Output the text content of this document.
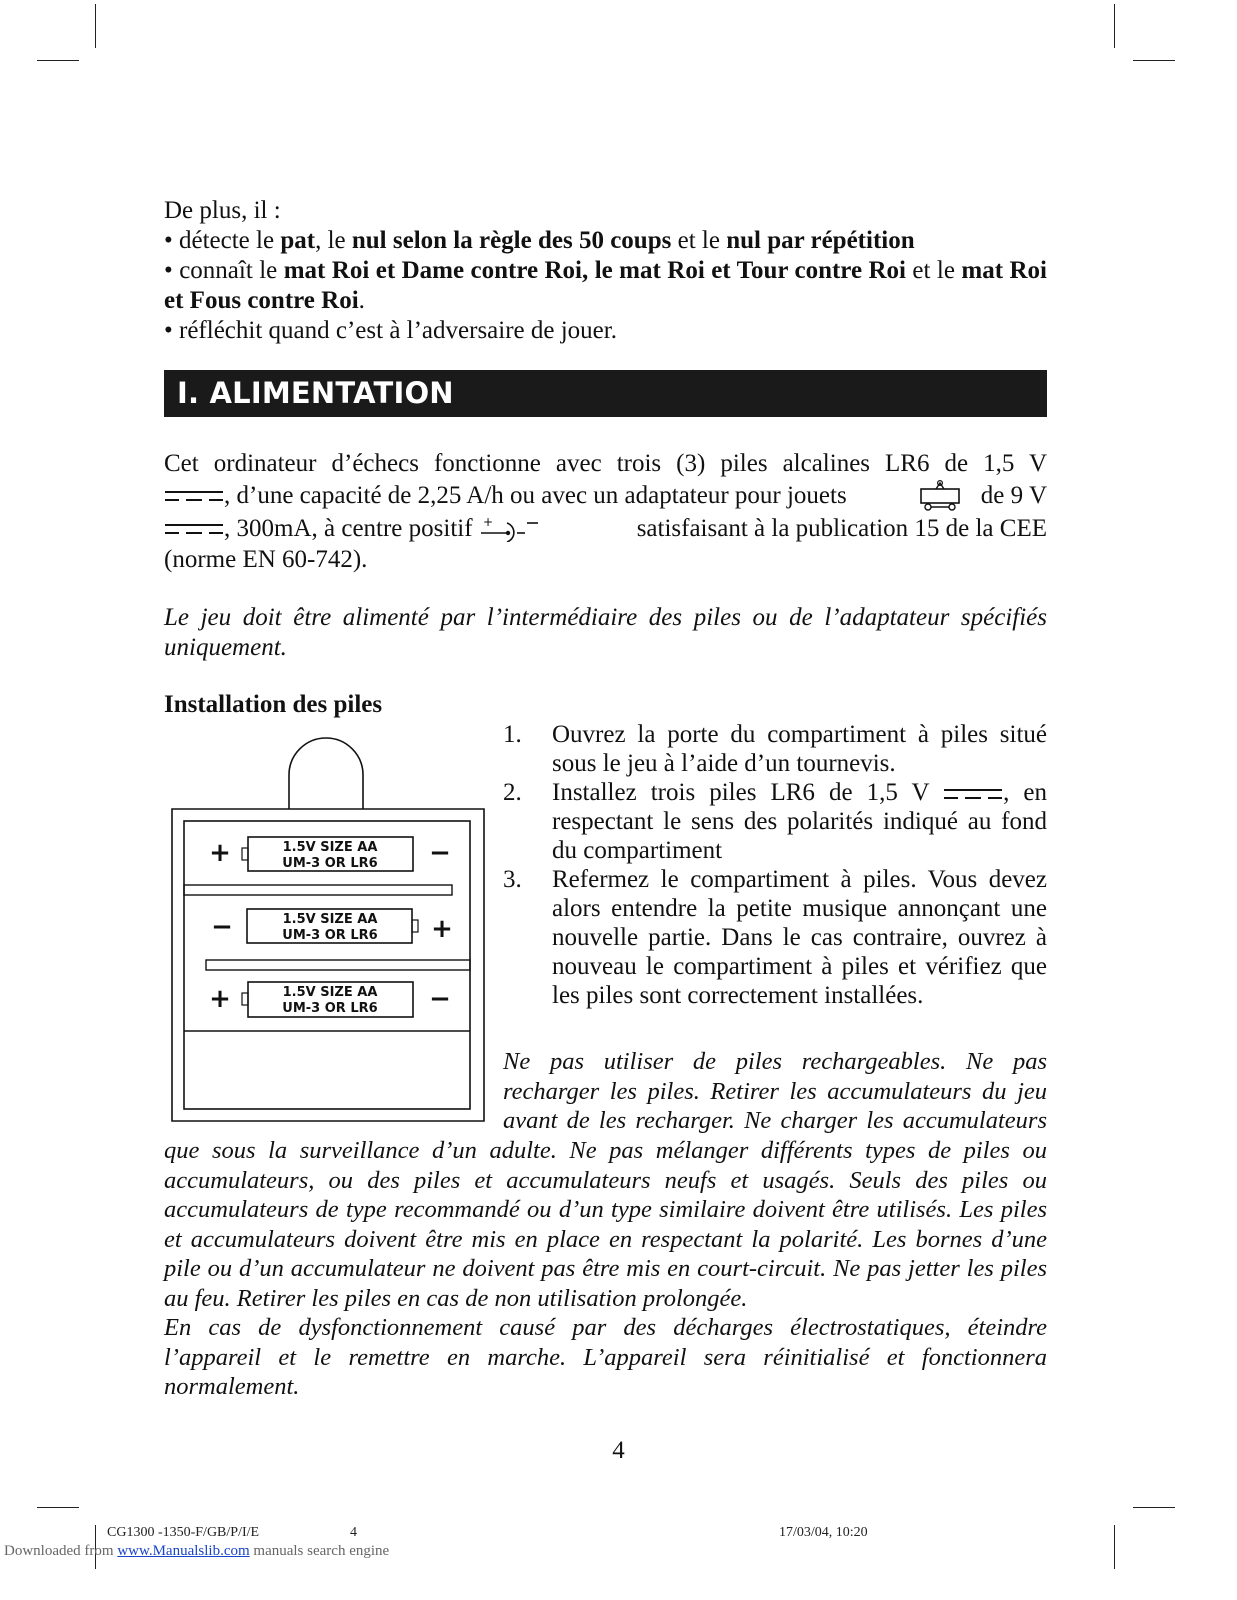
De plus, il :

• détecte le pat, le nul selon la règle des 50 coups et le nul par répétition

• connaît le mat Roi et Dame contre Roi, le mat Roi et Tour contre Roi et le mat Roi et Fous contre Roi.

• réfléchit quand c’est à l’adversaire de jouer.

I. ALIMENTATION

Cet ordinateur d’échecs fonctionne avec trois (3) piles alcalines LR6 de 1,5 V

, d’une capacité de 2,25 A/h ou avec un adaptateur pour jouets	de 9 V
, 300mA, à centre positif +	satisfaisant à la publication 15 de la CEE

(norme EN 60-742).

Le jeu doit être alimenté par l’intermédiaire des piles ou de l’adaptateur spécifiés uniquement.

Installation des piles

1.5V SIZE AA
UM-3 OR LR6
+	−
1.5V SIZE AA
UM-3 OR LR6
−	+
1.5V SIZE AA
UM-3 OR LR6
+	−
1.	Ouvrez la porte du compartiment à piles situé sous le jeu à l’aide d’un tournevis.
2.	Installez trois piles LR6 de 1,5 V	, en respectant le sens des polarités indiqué au fond du compartiment
3.	Refermez le compartiment à piles. Vous devez alors entendre la petite musique annonçant une nouvelle partie. Dans le cas contraire, ouvrez à nouveau le compartiment à piles et vérifiez que les piles sont correctement installées.

Ne pas utiliser de piles rechargeables. Ne pas

recharger les piles. Retirer les accumulateurs du jeu

avant de les recharger. Ne charger les accumulateurs

que sous la surveillance d’un adulte. Ne pas mélanger différents types de piles ou accumulateurs, ou des piles et accumulateurs neufs et usagés. Seuls des piles ou accumulateurs de type recommandé ou d’un type similaire doivent être utilisés. Les piles et accumulateurs doivent être mis en place en respectant la polarité. Les bornes d’une pile ou d’un accumulateur ne doivent pas être mis en court-circuit. Ne pas jetter les piles au feu. Retirer les piles en cas de non utilisation prolongée.

En cas de dysfonctionnement causé par des décharges électrostatiques, éteindre l’appareil et le remettre en marche. L’appareil sera réinitialisé et fonctionnera normalement.

4
CG1300 -1350-F/GB/P/I/E	4	17/03/04, 10:20
Downloaded from www.Manualslib.com manuals search engine
